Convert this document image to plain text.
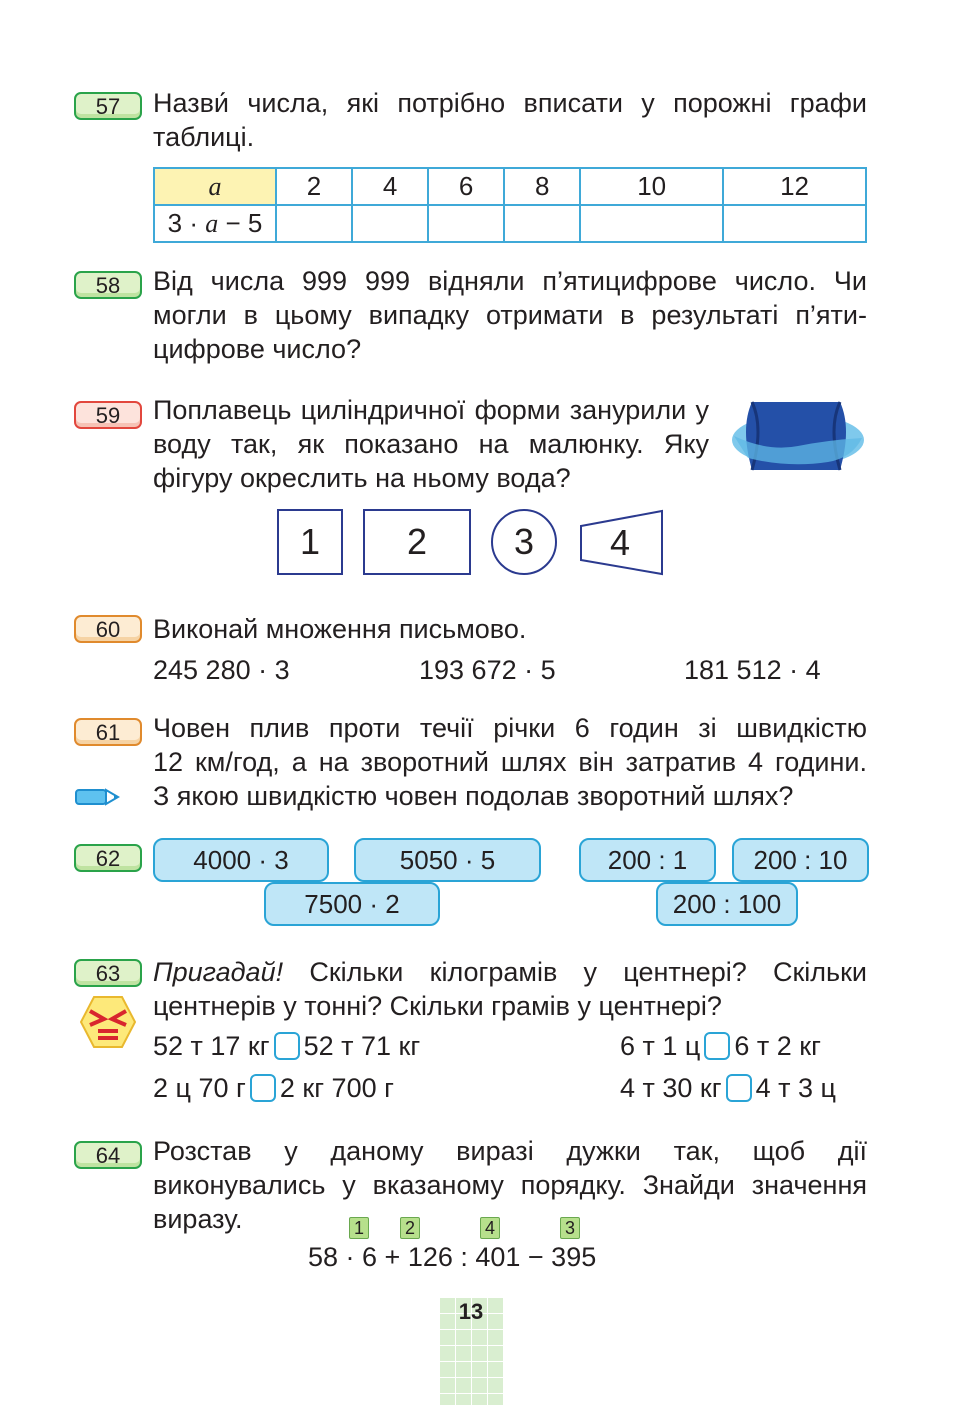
57	Назви́ числа, які потрібно вписати у порожні графи таблиці.
a	2	4	6	8	10	12
3 · a − 5						
58	Від числа 999 999 відняли п’ятицифрове число. Чи могли в цьому випадку отримати в результаті п’яти-цифрове число?
59	Поплавець циліндричної форми занурили у воду так, як показано на малюнку. Яку фігуру окреслить на ньому вода?
1	2	3	4
60	Виконай множення письмово.
245 280 · 3	193 672 · 5	181 512 · 4
61	Човен плив проти течії річки 6 годин зі швидкістю
12 км/год, а на зворотний шлях він затратив 4 години.
З якою швидкістю човен подолав зворотний шлях?
62	4000 · 3	5050 · 5
7500 · 2
200 : 1	200 : 10
200 : 100
63	Пригадай! Скільки кілограмів у центнері? Скільки центнерів у тонні? Скільки грамів у центнері?
52 т 17 кг 52 т 71 кг	6 т 1 ц 6 т 2 кг
2 ц 70 г 2 кг 700 г	4 т 30 кг 4 т 3 ц
64	Розстав у даному виразі дужки так, щоб дії виконувались у вказаному порядку. Знайди значення виразу.	1 2	4	3
58 · 6 + 126 : 401 − 395
13
